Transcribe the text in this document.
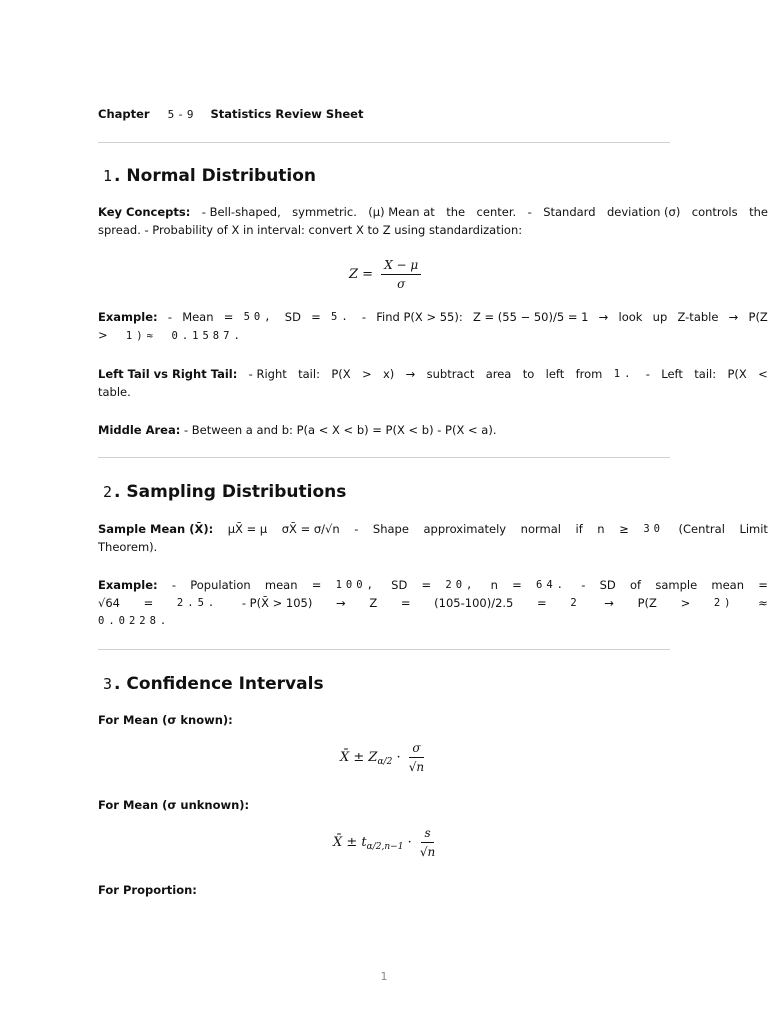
Chapter 5-9 Statistics Review Sheet
1 . Normal Distribution
Key Concepts: - Bell-shaped, symmetric. (μ) Mean at the center. - Standard deviation (σ) controls the
spread. - Probability of X in interval: convert X to Z using standardization:
$Z = \frac{X - \mu}{\sigma}$
Example: - Mean = 50, SD = 5. - Find P(X > 55): Z = (55 − 50)/5 = 1 → look up Z-table → P(Z
> 1)≈ 0.1587.
Left Tail vs Right Tail: - Right tail: P(X > x) → subtract area to left from 1. - Left tail: P(X <
table.
Middle Area: - Between a and b: P(a < X < b) = P(X < b) - P(X < a).
2 . Sampling Distributions
Sample Mean (X̄): μX̄ = μ σX̄ = σ/√n - Shape approximately normal if n ≥ 30 (Central Limit
Theorem).
Example: - Population mean = 100, SD = 20, n = 64. - SD of sample mean =
√64 = 2.5. - P(X̄ > 105) → Z = (105-100)/2.5 = 2 → P(Z > 2) ≈
0.0228.
3 . Confidence Intervals
For Mean (σ known):
X̄ ± $Z_{\alpha/2} \cdot \frac{\sigma}{√n}$
For Mean (σ unknown):
X̄ ± $t_{\alpha/2,n-1} \cdot \frac{s}{√n}$
For Proportion:
1
